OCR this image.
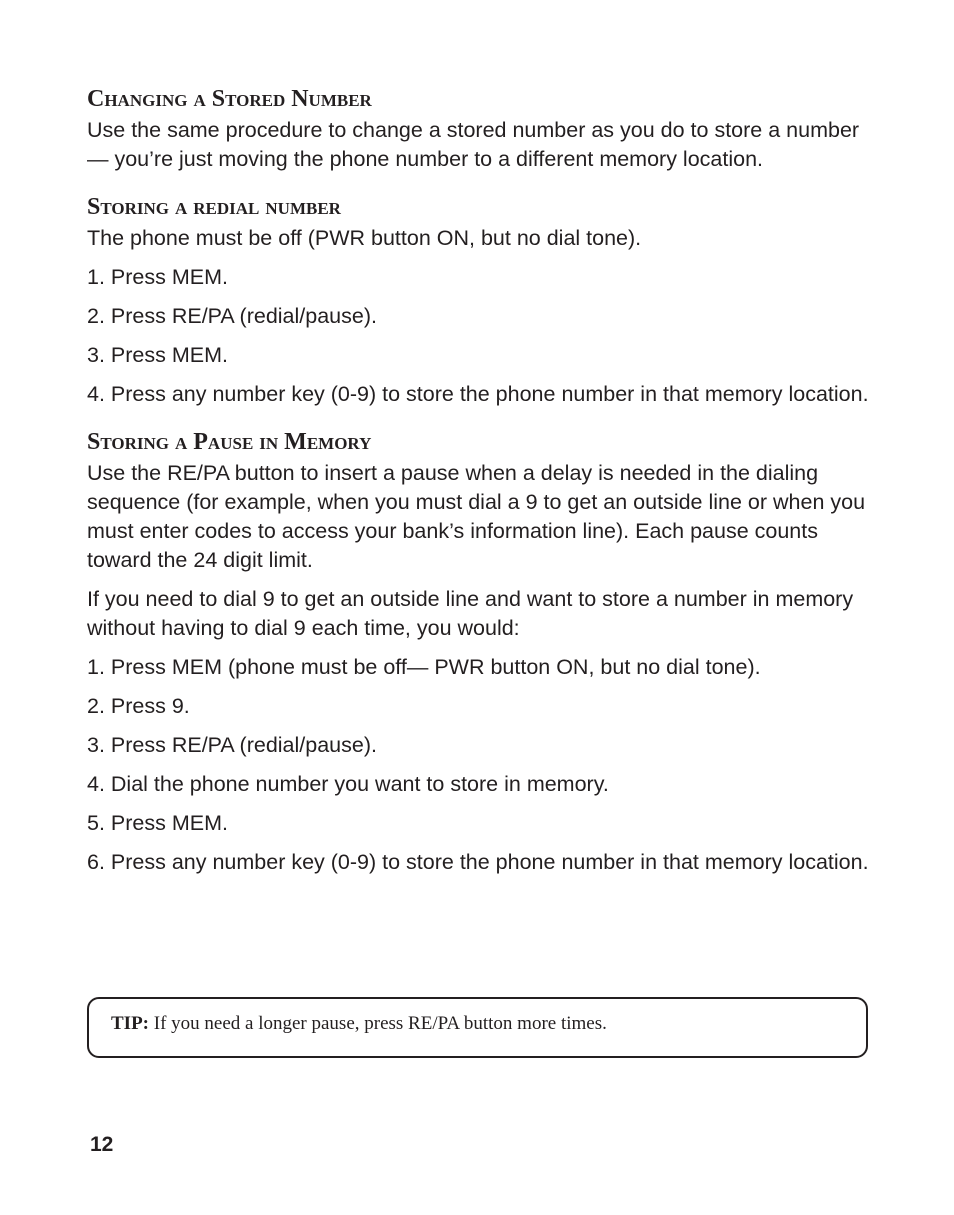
Changing a Stored Number

Use the same procedure to change a stored number as you do to store a number— you’re just moving the phone number to a different memory location.

Storing a redial number

The phone must be off (PWR button ON, but no dial tone).

1. Press MEM.
2. Press RE/PA (redial/pause).
3. Press MEM.
4. Press any number key (0-9) to store the phone number in that memory location.
Storing a Pause in Memory

Use the RE/PA button to insert a pause when a delay is needed in the dialing sequence (for example, when you must dial a 9 to get an outside line or when you must enter codes to access your bank’s information line). Each pause counts toward the 24 digit limit.

If you need to dial 9 to get an outside line and want to store a number in memory without having to dial 9 each time, you would:

1. Press MEM (phone must be off— PWR button ON, but no dial tone).
2. Press 9.
3. Press RE/PA (redial/pause).
4. Dial the phone number you want to store in memory.
5. Press MEM.
6. Press any number key (0-9) to store the phone number in that memory location.
TIP: If you need a longer pause, press RE/PA button more times.
12
